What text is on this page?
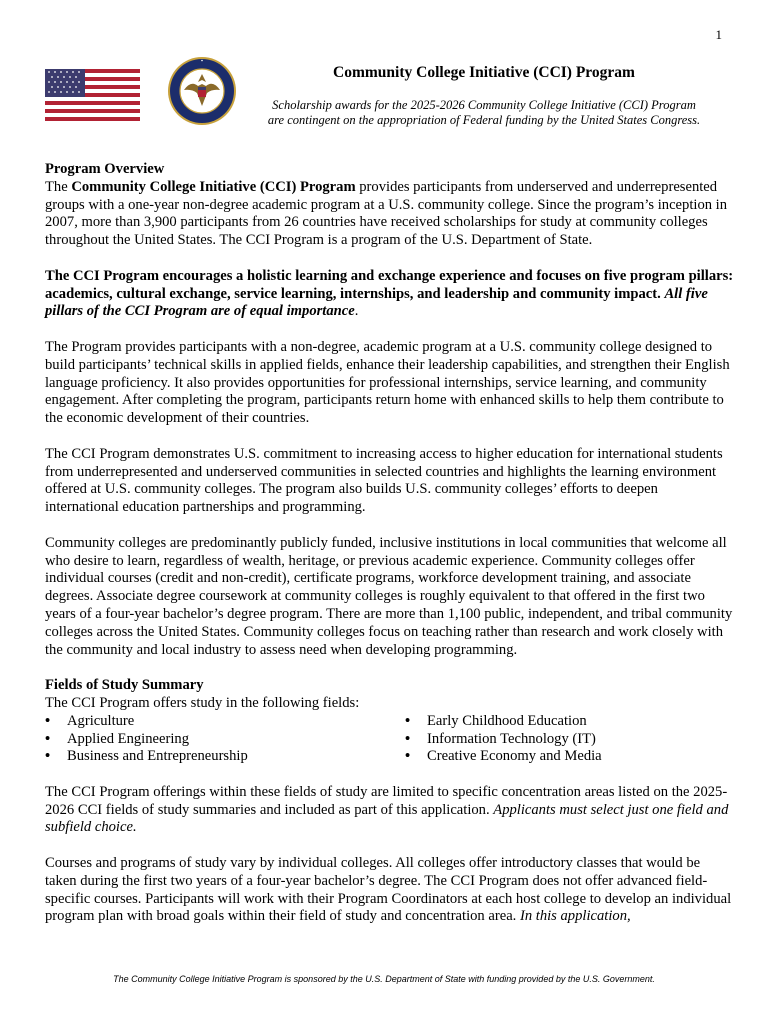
1
Community College Initiative (CCI) Program
Scholarship awards for the 2025-2026 Community College Initiative (CCI) Program
are contingent on the appropriation of Federal funding by the United States Congress.

Program Overview

The Community College Initiative (CCI) Program provides participants from underserved and underrepresented groups with a one-year non-degree academic program at a U.S. community college. Since the program’s inception in 2007, more than 3,900 participants from 26 countries have received scholarships for study at community colleges throughout the United States. The CCI Program is a program of the U.S. Department of State.

The CCI Program encourages a holistic learning and exchange experience and focuses on five program pillars: academics, cultural exchange, service learning, internships, and leadership and community impact. All five pillars of the CCI Program are of equal importance.

The Program provides participants with a non-degree, academic program at a U.S. community college designed to build participants’ technical skills in applied fields, enhance their leadership capabilities, and strengthen their English language proficiency. It also provides opportunities for professional internships, service learning, and community engagement. After completing the program, participants return home with enhanced skills to help them contribute to the economic development of their countries.

The CCI Program demonstrates U.S. commitment to increasing access to higher education for international students from underrepresented and underserved communities in selected countries and highlights the learning environment offered at U.S. community colleges. The program also builds U.S. community colleges’ efforts to deepen international education partnerships and programming.

Community colleges are predominantly publicly funded, inclusive institutions in local communities that welcome all who desire to learn, regardless of wealth, heritage, or previous academic experience. Community colleges offer individual courses (credit and non-credit), certificate programs, workforce development training, and associate degrees. Associate degree coursework at community colleges is roughly equivalent to that offered in the first two years of a four-year bachelor’s degree program. There are more than 1,100 public, independent, and tribal community colleges across the United States. Community colleges focus on teaching rather than research and work closely with the community and local industry to assess need when developing programming.

Fields of Study Summary

The CCI Program offers study in the following fields:

• Agriculture
• Applied Engineering
• Business and Entrepreneurship
• Early Childhood Education
• Information Technology (IT)
• Creative Economy and Media

The CCI Program offerings within these fields of study are limited to specific concentration areas listed on the 2025-2026 CCI fields of study summaries and included as part of this application. Applicants must select just one field and subfield choice.

Courses and programs of study vary by individual colleges. All colleges offer introductory classes that would be taken during the first two years of a four-year bachelor’s degree. The CCI Program does not offer advanced field-specific courses. Participants will work with their Program Coordinators at each host college to develop an individual program plan with broad goals within their field of study and concentration area. In this application,

The Community College Initiative Program is sponsored by the U.S. Department of State with funding provided by the U.S. Government.
